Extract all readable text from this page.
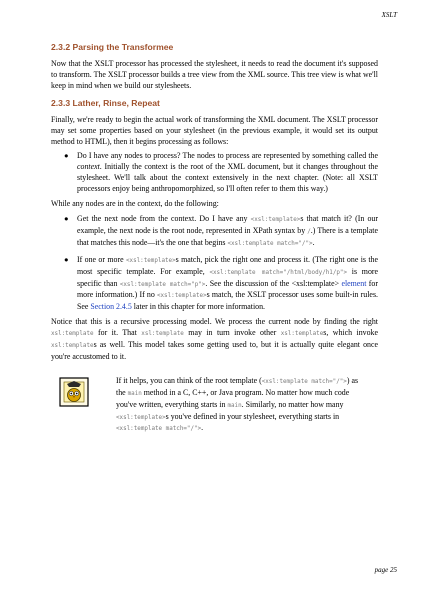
XSLT
2.3.2 Parsing the Transformee

Now that the XSLT processor has processed the stylesheet, it needs to read the document it's supposed to transform. The XSLT processor builds a tree view from the XML source. This tree view is what we'll keep in mind when we build our stylesheets.

2.3.3 Lather, Rinse, Repeat

Finally, we're ready to begin the actual work of transforming the XML document. The XSLT processor may set some properties based on your stylesheet (in the previous example, it would set its output method to HTML), then it begins processing as follows:

● Do I have any nodes to process? The nodes to process are represented by something called the context. Initially the context is the root of the XML document, but it changes throughout the stylesheet. We'll talk about the context extensively in the next chapter. (Note: all XSLT processors enjoy being anthropomorphized, so I'll often refer to them this way.)

While any nodes are in the context, do the following:

● Get the next node from the context. Do I have any <xsl:template>s that match it? (In our example, the next node is the root node, represented in XPath syntax by /.) There is a template that matches this node—it's the one that begins <xsl:template match="/">.
● If one or more <xsl:template>s match, pick the right one and process it. (The right one is the most specific template. For example, <xsl:template match="/html/body/h1/p"> is more specific than <xsl:template match="p">. See the discussion of the <xsl:template> element for more information.) If no <xsl:template>s match, the XSLT processor uses some built-in rules. See Section 2.4.5 later in this chapter for more information.

Notice that this is a recursive processing model. We process the current node by finding the right xsl:template for it. That xsl:template may in turn invoke other xsl:templates, which invoke xsl:templates as well. This model takes some getting used to, but it is actually quite elegant once you're accustomed to it.

If it helps, you can think of the root template (<xsl:template match="/">) as the main method in a C, C++, or Java program. No matter how much code you've written, everything starts in main. Similarly, no matter how many <xsl:template>s you've defined in your stylesheet, everything starts in <xsl:template match="/">.

page 25
